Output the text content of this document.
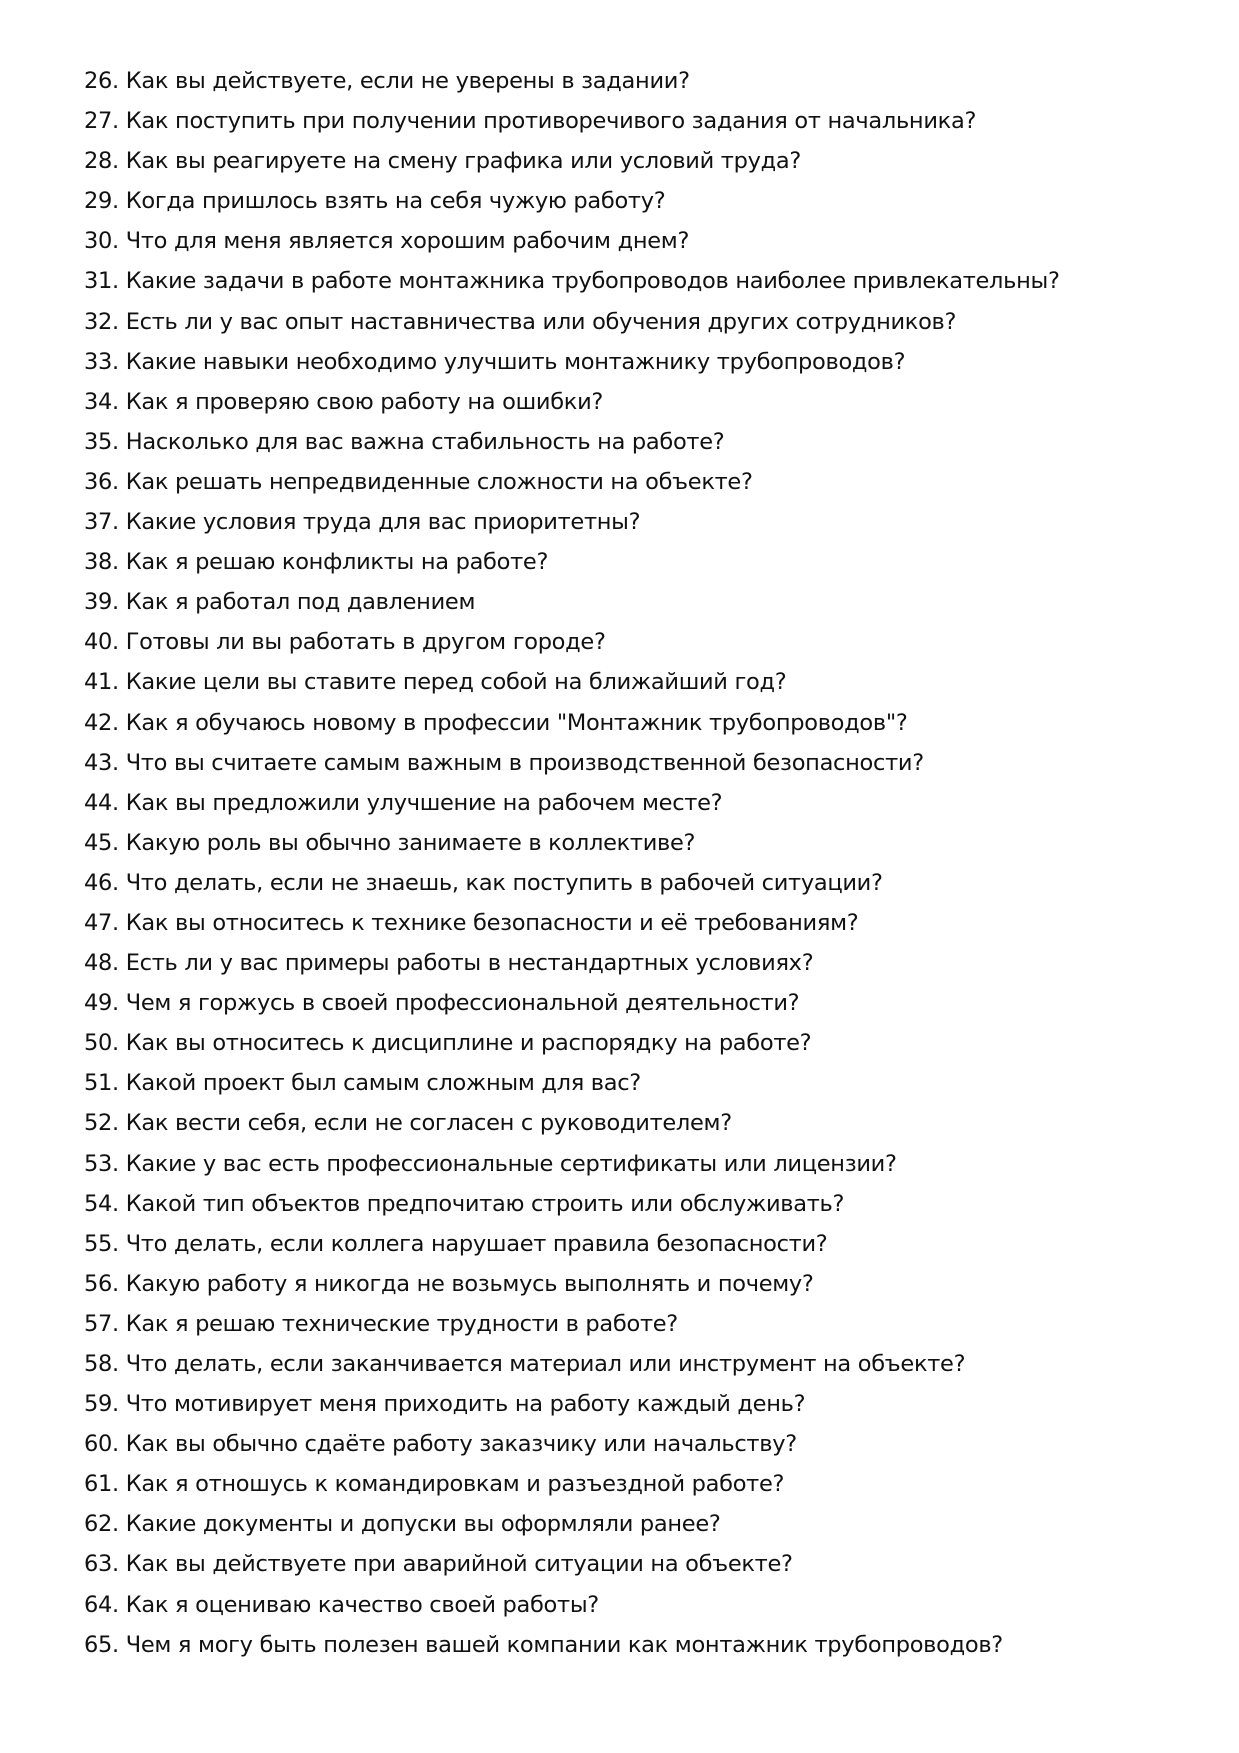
26. Как вы действуете, если не уверены в задании?
27. Как поступить при получении противоречивого задания от начальника?
28. Как вы реагируете на смену графика или условий труда?
29. Когда пришлось взять на себя чужую работу?
30. Что для меня является хорошим рабочим днем?
31. Какие задачи в работе монтажника трубопроводов наиболее привлекательны?
32. Есть ли у вас опыт наставничества или обучения других сотрудников?
33. Какие навыки необходимо улучшить монтажнику трубопроводов?
34. Как я проверяю свою работу на ошибки?
35. Насколько для вас важна стабильность на работе?
36. Как решать непредвиденные сложности на объекте?
37. Какие условия труда для вас приоритетны?
38. Как я решаю конфликты на работе?
39. Как я работал под давлением
40. Готовы ли вы работать в другом городе?
41. Какие цели вы ставите перед собой на ближайший год?
42. Как я обучаюсь новому в профессии "Монтажник трубопроводов"?
43. Что вы считаете самым важным в производственной безопасности?
44. Как вы предложили улучшение на рабочем месте?
45. Какую роль вы обычно занимаете в коллективе?
46. Что делать, если не знаешь, как поступить в рабочей ситуации?
47. Как вы относитесь к технике безопасности и её требованиям?
48. Есть ли у вас примеры работы в нестандартных условиях?
49. Чем я горжусь в своей профессиональной деятельности?
50. Как вы относитесь к дисциплине и распорядку на работе?
51. Какой проект был самым сложным для вас?
52. Как вести себя, если не согласен с руководителем?
53. Какие у вас есть профессиональные сертификаты или лицензии?
54. Какой тип объектов предпочитаю строить или обслуживать?
55. Что делать, если коллега нарушает правила безопасности?
56. Какую работу я никогда не возьмусь выполнять и почему?
57. Как я решаю технические трудности в работе?
58. Что делать, если заканчивается материал или инструмент на объекте?
59. Что мотивирует меня приходить на работу каждый день?
60. Как вы обычно сдаёте работу заказчику или начальству?
61. Как я отношусь к командировкам и разъездной работе?
62. Какие документы и допуски вы оформляли ранее?
63. Как вы действуете при аварийной ситуации на объекте?
64. Как я оцениваю качество своей работы?
65. Чем я могу быть полезен вашей компании как монтажник трубопроводов?
